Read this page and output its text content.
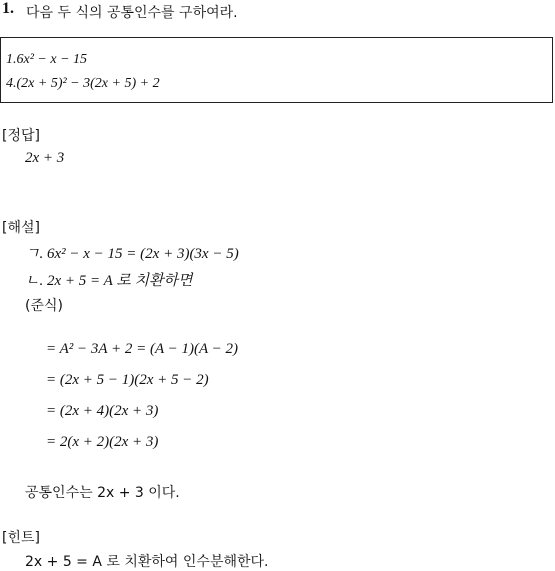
1. 다음 두 식의 공통인수를 구하여라.
1.6x² − x − 15
4.(2x + 5)² − 3(2x + 5) + 2
[정답]
2x + 3
[해설]
ㄱ. 6x² − x − 15 = (2x + 3)(3x − 5)
ㄴ. 2x + 5 = A 로 치환하면
(준식)
= A² − 3A + 2 = (A − 1)(A − 2)
= (2x + 5 − 1)(2x + 5 − 2)
= (2x + 4)(2x + 3)
= 2(x + 2)(2x + 3)
공통인수는 2x + 3 이다.
[힌트]
2x + 5 = A 로 치환하여 인수분해한다.
